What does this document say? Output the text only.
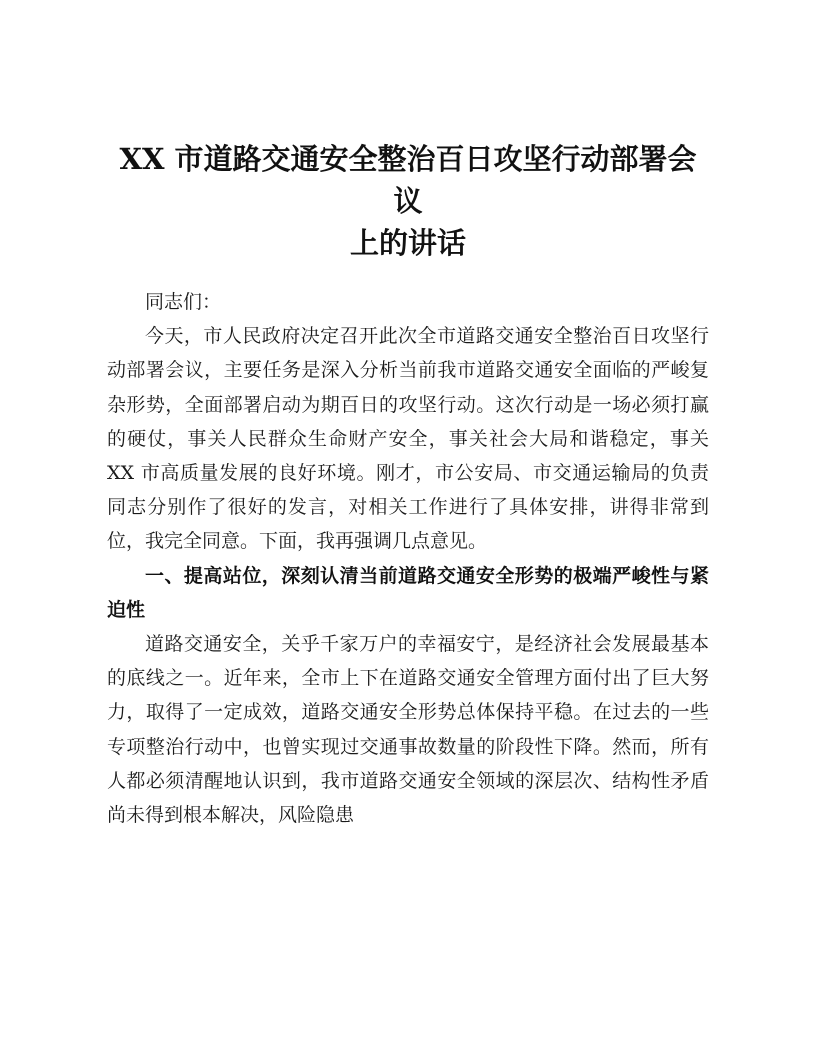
XX 市道路交通安全整治百日攻坚行动部署会议
上的讲话

同志们：

今天，市人民政府决定召开此次全市道路交通安全整治百日攻坚行动部署会议，主要任务是深入分析当前我市道路交通安全面临的严峻复杂形势，全面部署启动为期百日的攻坚行动。这次行动是一场必须打赢的硬仗，事关人民群众生命财产安全，事关社会大局和谐稳定，事关 XX 市高质量发展的良好环境。刚才，市公安局、市交通运输局的负责同志分别作了很好的发言，对相关工作进行了具体安排，讲得非常到位，我完全同意。下面，我再强调几点意见。

一、提高站位，深刻认清当前道路交通安全形势的极端严峻性与紧迫性

道路交通安全，关乎千家万户的幸福安宁，是经济社会发展最基本的底线之一。近年来，全市上下在道路交通安全管理方面付出了巨大努力，取得了一定成效，道路交通安全形势总体保持平稳。在过去的一些专项整治行动中，也曾实现过交通事故数量的阶段性下降。然而，所有人都必须清醒地认识到，我市道路交通安全领域的深层次、结构性矛盾尚未得到根本解决，风险隐患
